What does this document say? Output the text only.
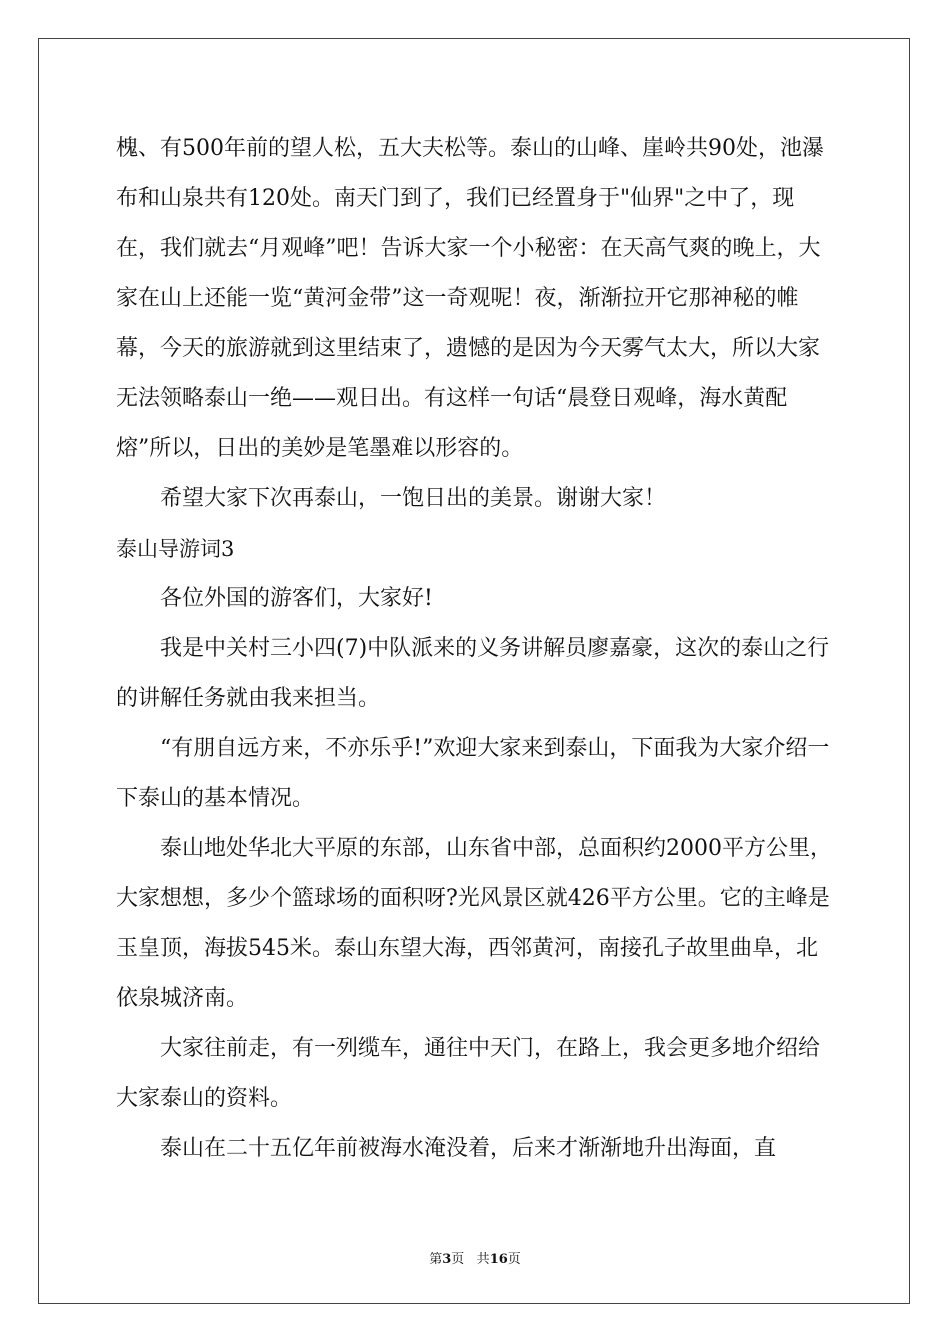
槐、有500年前的望人松，五大夫松等。泰山的山峰、崖岭共90处，池瀑布和山泉共有120处。南天门到了，我们已经置身于"仙界"之中了，现在，我们就去“月观峰”吧！告诉大家一个小秘密：在天高气爽的晚上，大家在山上还能一览“黄河金带”这一奇观呢！夜，渐渐拉开它那神秘的帷幕，今天的旅游就到这里结束了，遗憾的是因为今天雾气太大，所以大家无法领略泰山一绝——观日出。有这样一句话“晨登日观峰，海水黄配熔”所以，日出的美妙是笔墨难以形容的。

希望大家下次再泰山，一饱日出的美景。谢谢大家！

泰山导游词3

各位外国的游客们，大家好!

我是中关村三小四(7)中队派来的义务讲解员廖嘉豪，这次的泰山之行的讲解任务就由我来担当。

“有朋自远方来，不亦乐乎!”欢迎大家来到泰山，下面我为大家介绍一下泰山的基本情况。

泰山地处华北大平原的东部，山东省中部，总面积约2000平方公里，大家想想，多少个篮球场的面积呀?光风景区就426平方公里。它的主峰是玉皇顶，海拔545米。泰山东望大海，西邻黄河，南接孔子故里曲阜，北依泉城济南。

大家往前走，有一列缆车，通往中天门，在路上，我会更多地介绍给大家泰山的资料。

泰山在二十五亿年前被海水淹没着，后来才渐渐地升出海面，直

第3页 共16页
